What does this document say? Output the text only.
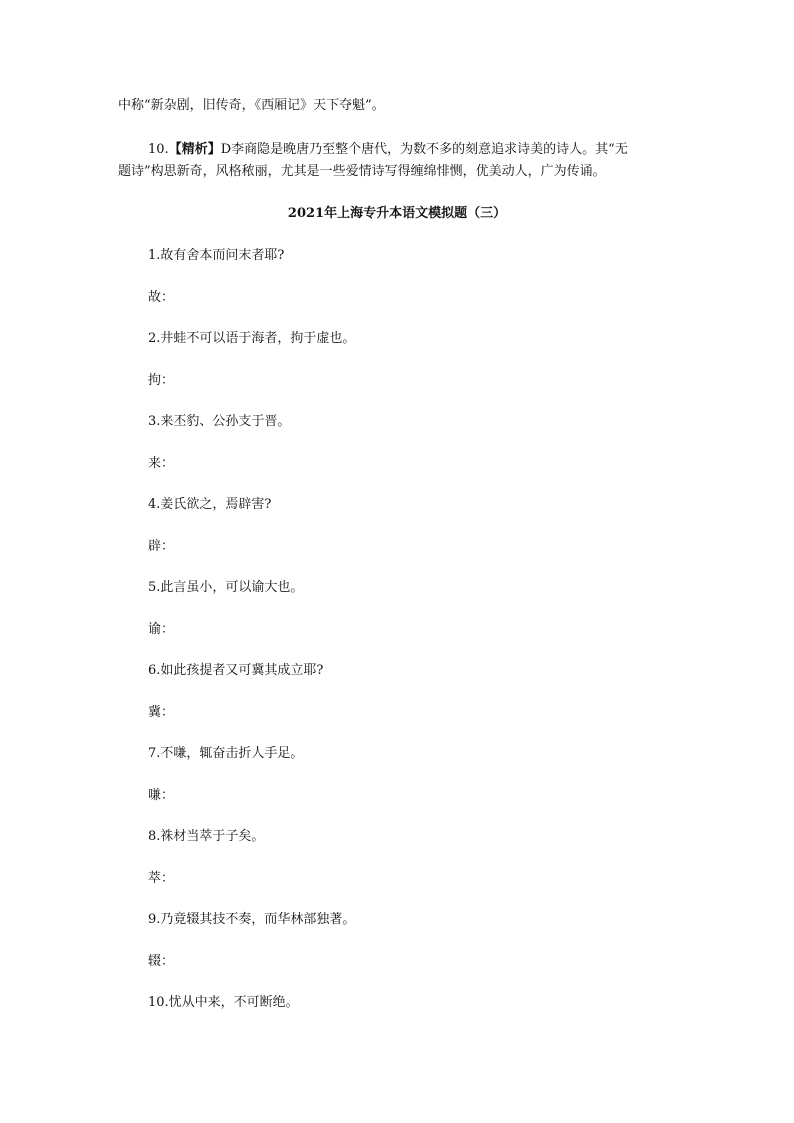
中称“新杂剧，旧传奇，《西厢记》天下夺魁”。
10.【精析】D李商隐是晚唐乃至整个唐代，为数不多的刻意追求诗美的诗人。其“无
题诗”构思新奇，风格秾丽，尤其是一些爱情诗写得缠绵悱恻，优美动人，广为传诵。
2021年上海专升本语文模拟题（三）
1.故有舍本而问末者耶?
故：
2.井蛙不可以语于海者，拘于虚也。
拘：
3.来丕豹、公孙支于晋。
来：
4.姜氏欲之，焉辟害?
辟：
5.此言虽小，可以谕大也。
谕：
6.如此孩提者又可冀其成立耶?
冀：
7.不嗛，辄奋击折人手足。
嗛：
8.祩材当萃于子矣。
萃：
9.乃竟辍其技不奏，而华林部独著。
辍：
10.忧从中来，不可断绝。
